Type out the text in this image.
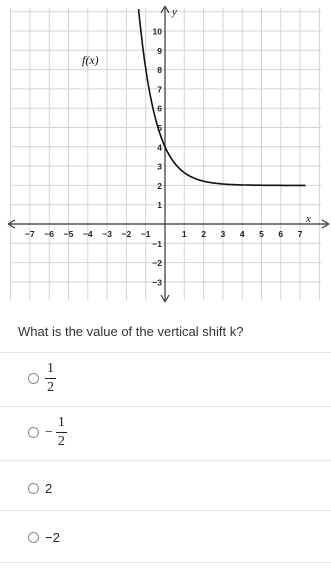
−7 −6 −5 −4 −3 −2 −1	1 2 3 4 5 6 7
10
9
8
7
6
5
4
3
2
1
−1
−2
−3
f(x)
x
y
What is the value of the vertical shift k?
$\frac{1}{2}$
− $\frac{1}{2}$
2
−2
